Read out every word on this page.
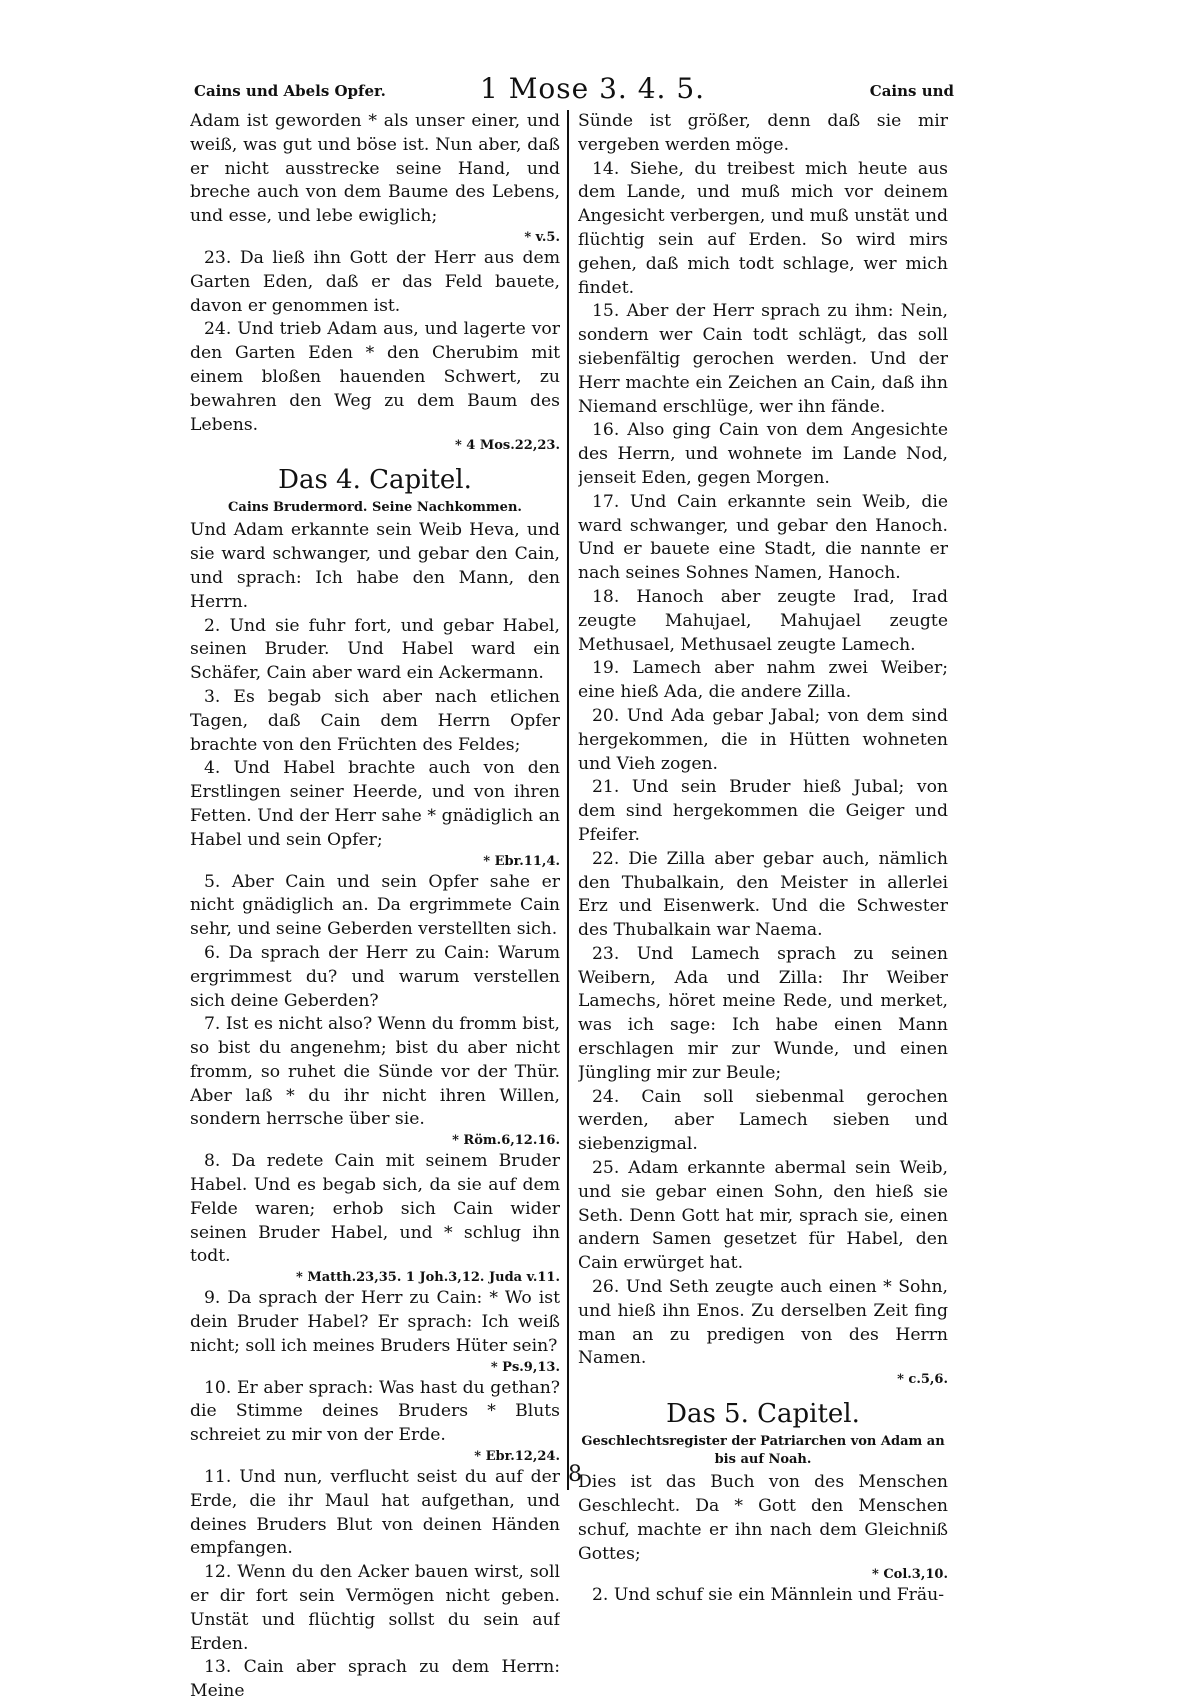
Cains und Abels Opfer.	1 Mose 3. 4. 5.	Cains und

Adam ist geworden * als unser einer, und weiß, was gut und böse ist. Nun aber, daß er nicht ausstrecke seine Hand, und breche auch von dem Baume des Lebens, und esse, und lebe ewiglich;

* v.5.

23. Da ließ ihn Gott der Herr aus dem Garten Eden, daß er das Feld bauete, davon er genommen ist.

24. Und trieb Adam aus, und lagerte vor den Garten Eden * den Cherubim mit einem bloßen hauenden Schwert, zu bewahren den Weg zu dem Baum des Lebens.

* 4 Mos.22,23.
Das 4. Capitel.
Cains Brudermord. Seine Nachkommen.

Und Adam erkannte sein Weib Heva, und sie ward schwanger, und gebar den Cain, und sprach: Ich habe den Mann, den Herrn.

2. Und sie fuhr fort, und gebar Habel, seinen Bruder. Und Habel ward ein Schäfer, Cain aber ward ein Ackermann.

3. Es begab sich aber nach etlichen Tagen, daß Cain dem Herrn Opfer brachte von den Früchten des Feldes;

4. Und Habel brachte auch von den Erstlingen seiner Heerde, und von ihren Fetten. Und der Herr sahe * gnädiglich an Habel und sein Opfer;

* Ebr.11,4.

5. Aber Cain und sein Opfer sahe er nicht gnädiglich an. Da ergrimmete Cain sehr, und seine Geberden verstellten sich.

6. Da sprach der Herr zu Cain: Warum ergrimmest du? und warum verstellen sich deine Geberden?

7. Ist es nicht also? Wenn du fromm bist, so bist du angenehm; bist du aber nicht fromm, so ruhet die Sünde vor der Thür. Aber laß * du ihr nicht ihren Willen, sondern herrsche über sie.

* Röm.6,12.16.

8. Da redete Cain mit seinem Bruder Habel. Und es begab sich, da sie auf dem Felde waren; erhob sich Cain wider seinen Bruder Habel, und * schlug ihn todt.

* Matth.23,35. 1 Joh.3,12. Juda v.11.

9. Da sprach der Herr zu Cain: * Wo ist dein Bruder Habel? Er sprach: Ich weiß nicht; soll ich meines Bruders Hüter sein?

* Ps.9,13.

10. Er aber sprach: Was hast du gethan? die Stimme deines Bruders * Bluts schreiet zu mir von der Erde.

* Ebr.12,24.

11. Und nun, verflucht seist du auf der Erde, die ihr Maul hat aufgethan, und deines Bruders Blut von deinen Händen empfangen.

12. Wenn du den Acker bauen wirst, soll er dir fort sein Vermögen nicht geben. Unstät und flüchtig sollst du sein auf Erden.

13. Cain aber sprach zu dem Herrn: Meine

Sünde ist größer, denn daß sie mir vergeben werden möge.

14. Siehe, du treibest mich heute aus dem Lande, und muß mich vor deinem Angesicht verbergen, und muß unstät und flüchtig sein auf Erden. So wird mirs gehen, daß mich todt schlage, wer mich findet.

15. Aber der Herr sprach zu ihm: Nein, sondern wer Cain todt schlägt, das soll siebenfältig gerochen werden. Und der Herr machte ein Zeichen an Cain, daß ihn Niemand erschlüge, wer ihn fände.

16. Also ging Cain von dem Angesichte des Herrn, und wohnete im Lande Nod, jenseit Eden, gegen Morgen.

17. Und Cain erkannte sein Weib, die ward schwanger, und gebar den Hanoch. Und er bauete eine Stadt, die nannte er nach seines Sohnes Namen, Hanoch.

18. Hanoch aber zeugte Irad, Irad zeugte Mahujael, Mahujael zeugte Methusael, Methusael zeugte Lamech.

19. Lamech aber nahm zwei Weiber; eine hieß Ada, die andere Zilla.

20. Und Ada gebar Jabal; von dem sind hergekommen, die in Hütten wohneten und Vieh zogen.

21. Und sein Bruder hieß Jubal; von dem sind hergekommen die Geiger und Pfeifer.

22. Die Zilla aber gebar auch, nämlich den Thubalkain, den Meister in allerlei Erz und Eisenwerk. Und die Schwester des Thubalkain war Naema.

23. Und Lamech sprach zu seinen Weibern, Ada und Zilla: Ihr Weiber Lamechs, höret meine Rede, und merket, was ich sage: Ich habe einen Mann erschlagen mir zur Wunde, und einen Jüngling mir zur Beule;

24. Cain soll siebenmal gerochen werden, aber Lamech sieben und siebenzigmal.

25. Adam erkannte abermal sein Weib, und sie gebar einen Sohn, den hieß sie Seth. Denn Gott hat mir, sprach sie, einen andern Samen gesetzet für Habel, den Cain erwürget hat.

26. Und Seth zeugte auch einen * Sohn, und hieß ihn Enos. Zu derselben Zeit fing man an zu predigen von des Herrn Namen.

* c.5,6.
Das 5. Capitel.
Geschlechtsregister der Patriarchen von Adam an bis auf Noah.

Dies ist das Buch von des Menschen Geschlecht. Da * Gott den Menschen schuf, machte er ihn nach dem Gleichniß Gottes;

* Col.3,10.

2. Und schuf sie ein Männlein und Fräu-

8
